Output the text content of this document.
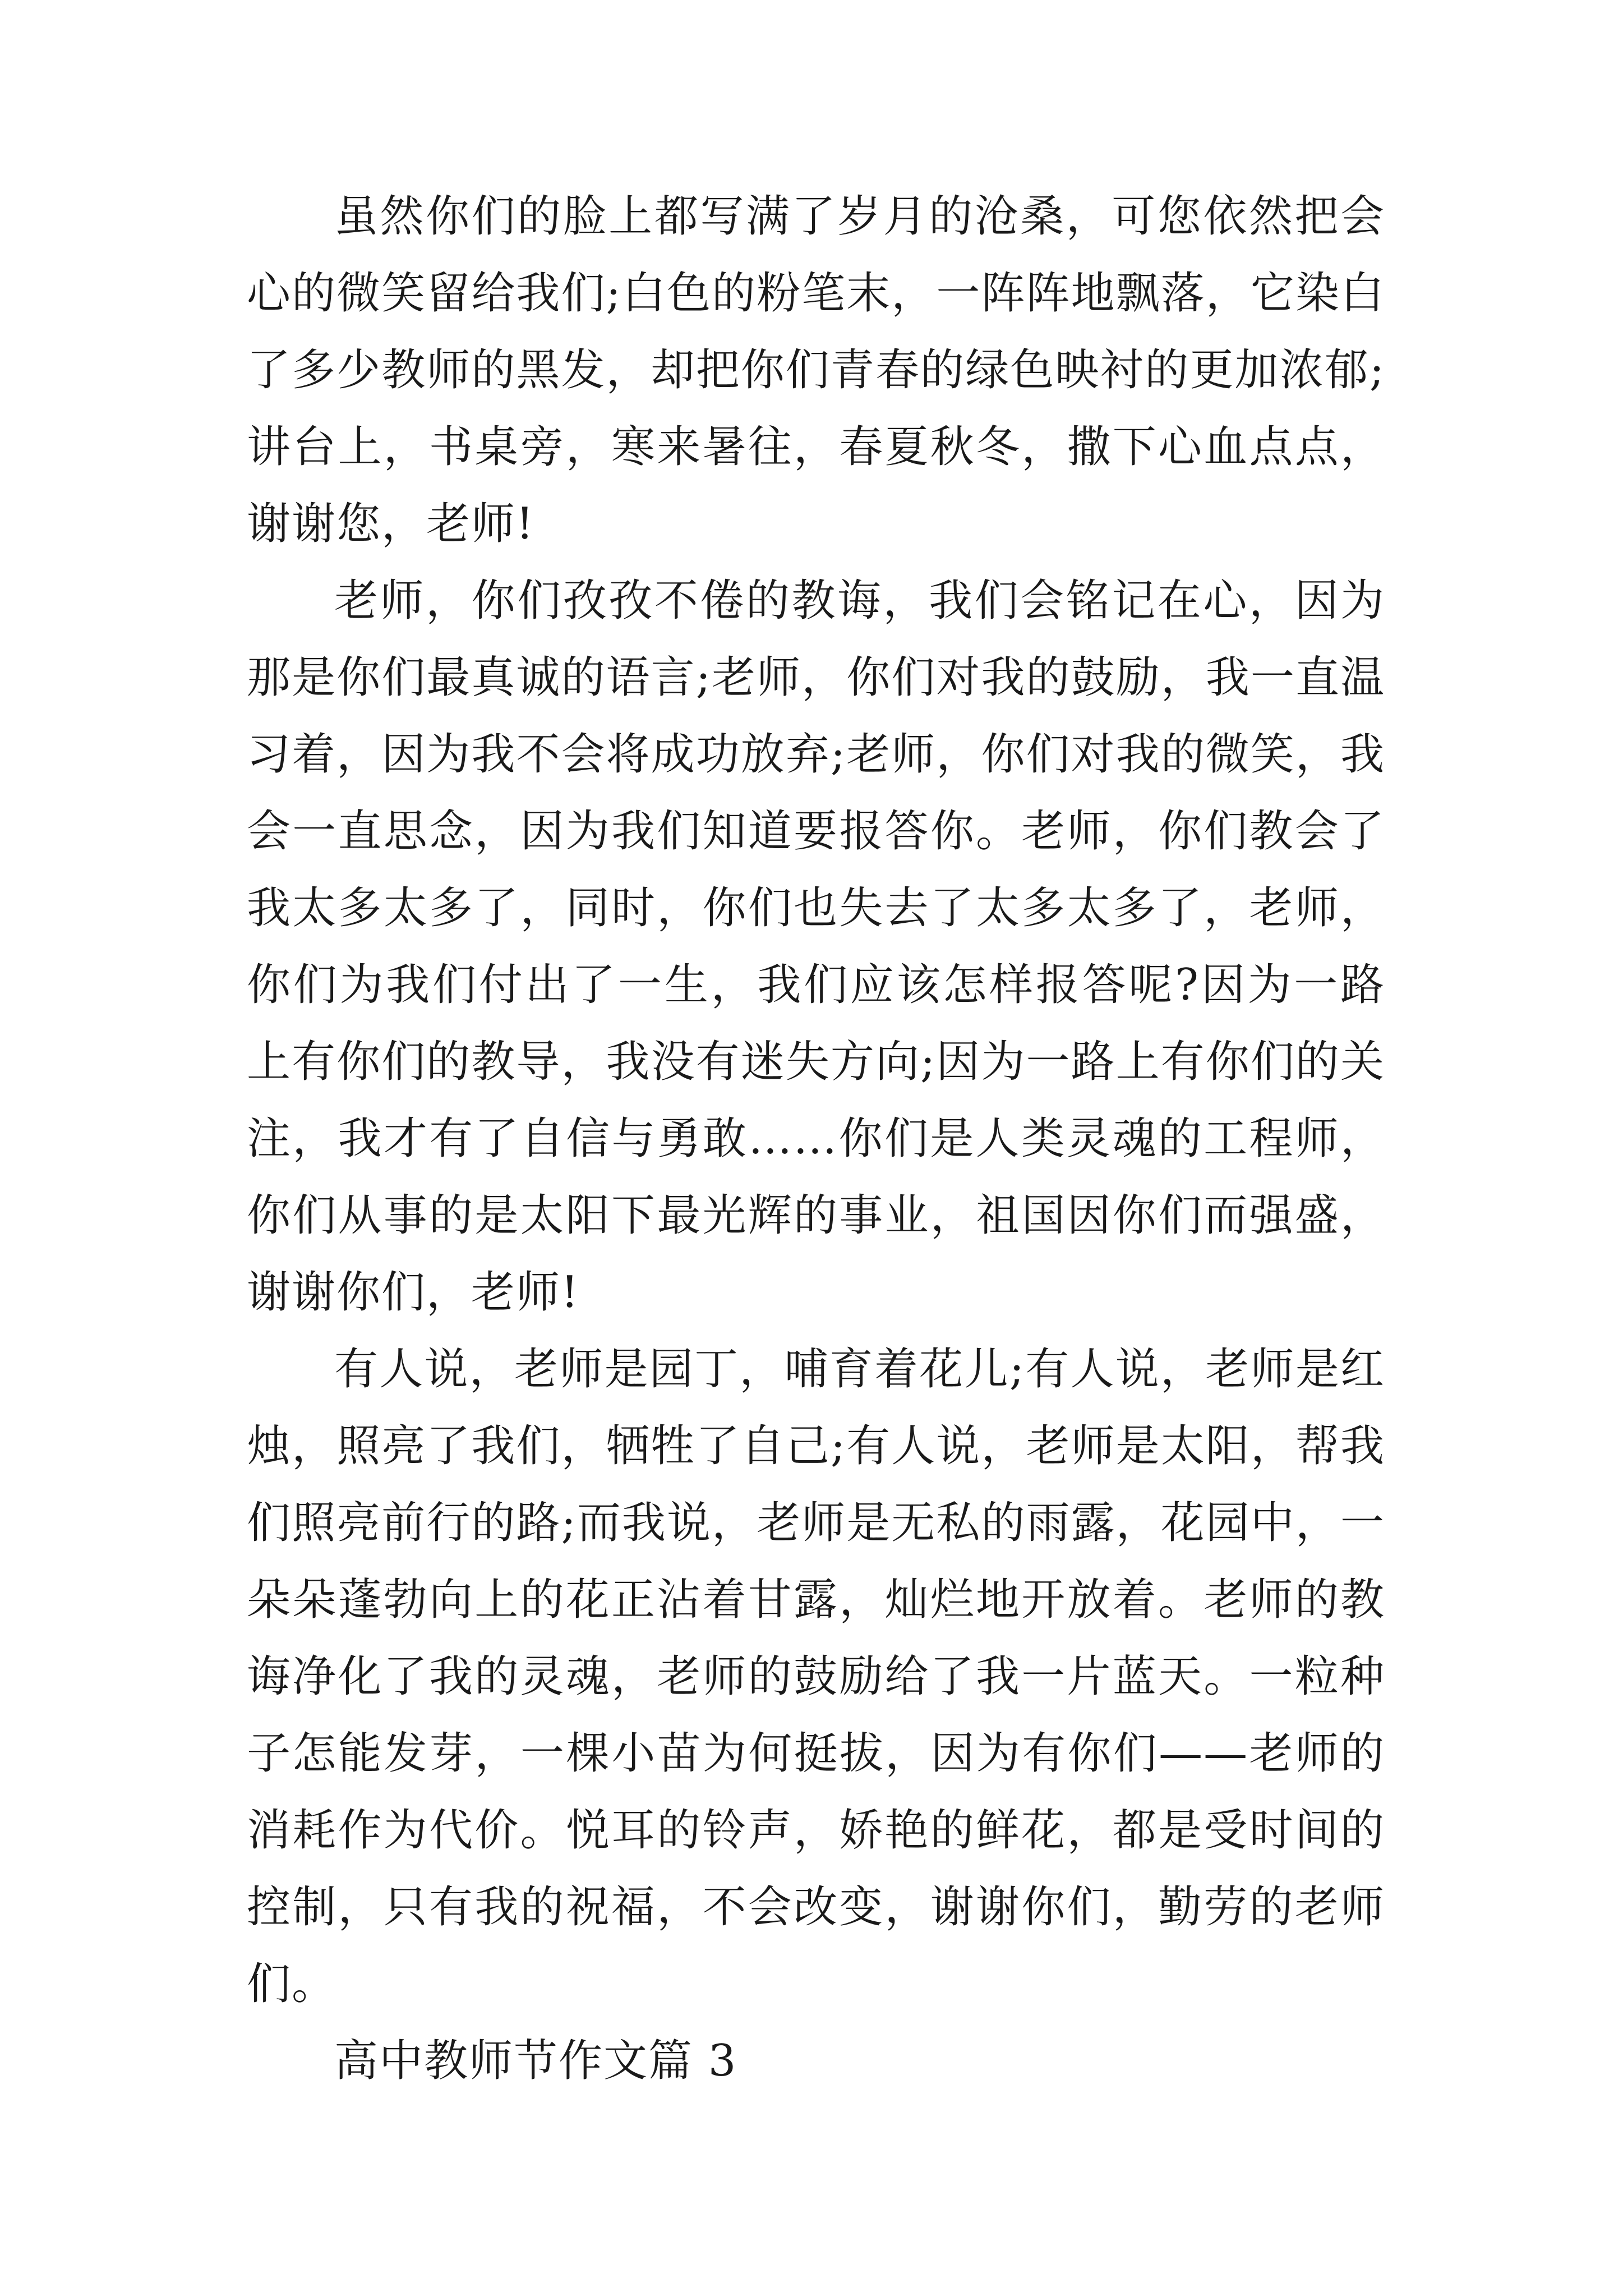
虽然你们的脸上都写满了岁月的沧桑，可您依然把会心的微笑留给我们;白色的粉笔末，一阵阵地飘落，它染白了多少教师的黑发，却把你们青春的绿色映衬的更加浓郁;讲台上，书桌旁，寒来暑往，春夏秋冬，撒下心血点点，谢谢您，老师!

老师，你们孜孜不倦的教诲，我们会铭记在心，因为那是你们最真诚的语言;老师，你们对我的鼓励，我一直温习着，因为我不会将成功放弃;老师，你们对我的微笑，我会一直思念，因为我们知道要报答你。老师，你们教会了我太多太多了，同时，你们也失去了太多太多了，老师，你们为我们付出了一生，我们应该怎样报答呢?因为一路上有你们的教导，我没有迷失方向;因为一路上有你们的关注，我才有了自信与勇敢……你们是人类灵魂的工程师，你们从事的是太阳下最光辉的事业，祖国因你们而强盛，谢谢你们，老师!

有人说，老师是园丁，哺育着花儿;有人说，老师是红烛，照亮了我们，牺牲了自己;有人说，老师是太阳，帮我们照亮前行的路;而我说，老师是无私的雨露，花园中，一朵朵蓬勃向上的花正沾着甘露，灿烂地开放着。老师的教诲净化了我的灵魂，老师的鼓励给了我一片蓝天。一粒种子怎能发芽，一棵小苗为何挺拔，因为有你们——老师的消耗作为代价。悦耳的铃声，娇艳的鲜花，都是受时间的控制，只有我的祝福，不会改变，谢谢你们，勤劳的老师们。

高中教师节作文篇 3
